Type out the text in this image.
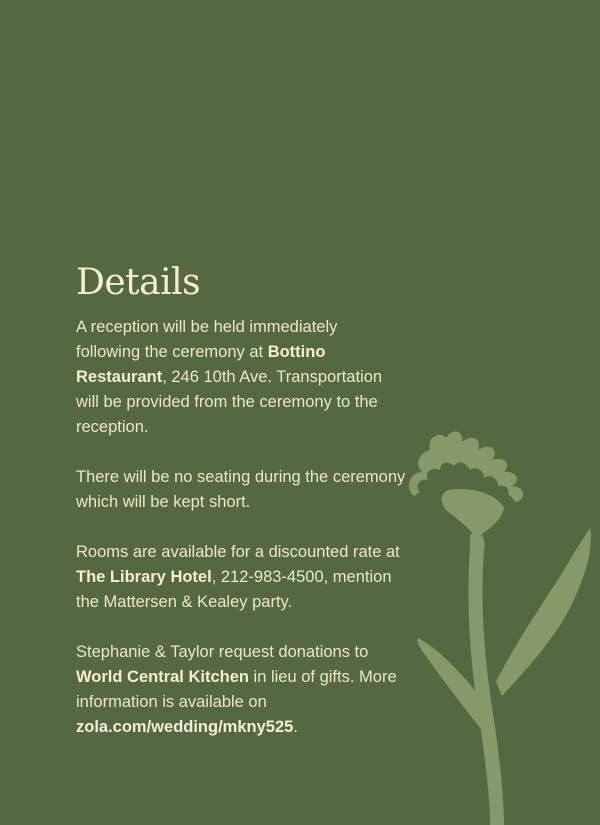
Details

A reception will be held immediately following the ceremony at Bottino Restaurant, 246 10th Ave. Transportation will be provided from the ceremony to the reception.

There will be no seating during the ceremony which will be kept short.

Rooms are available for a discounted rate at The Library Hotel, 212-983-4500, mention the Mattersen & Kealey party.

Stephanie & Taylor request donations to World Central Kitchen in lieu of gifts. More information is available on zola.com/wedding/mkny525.
